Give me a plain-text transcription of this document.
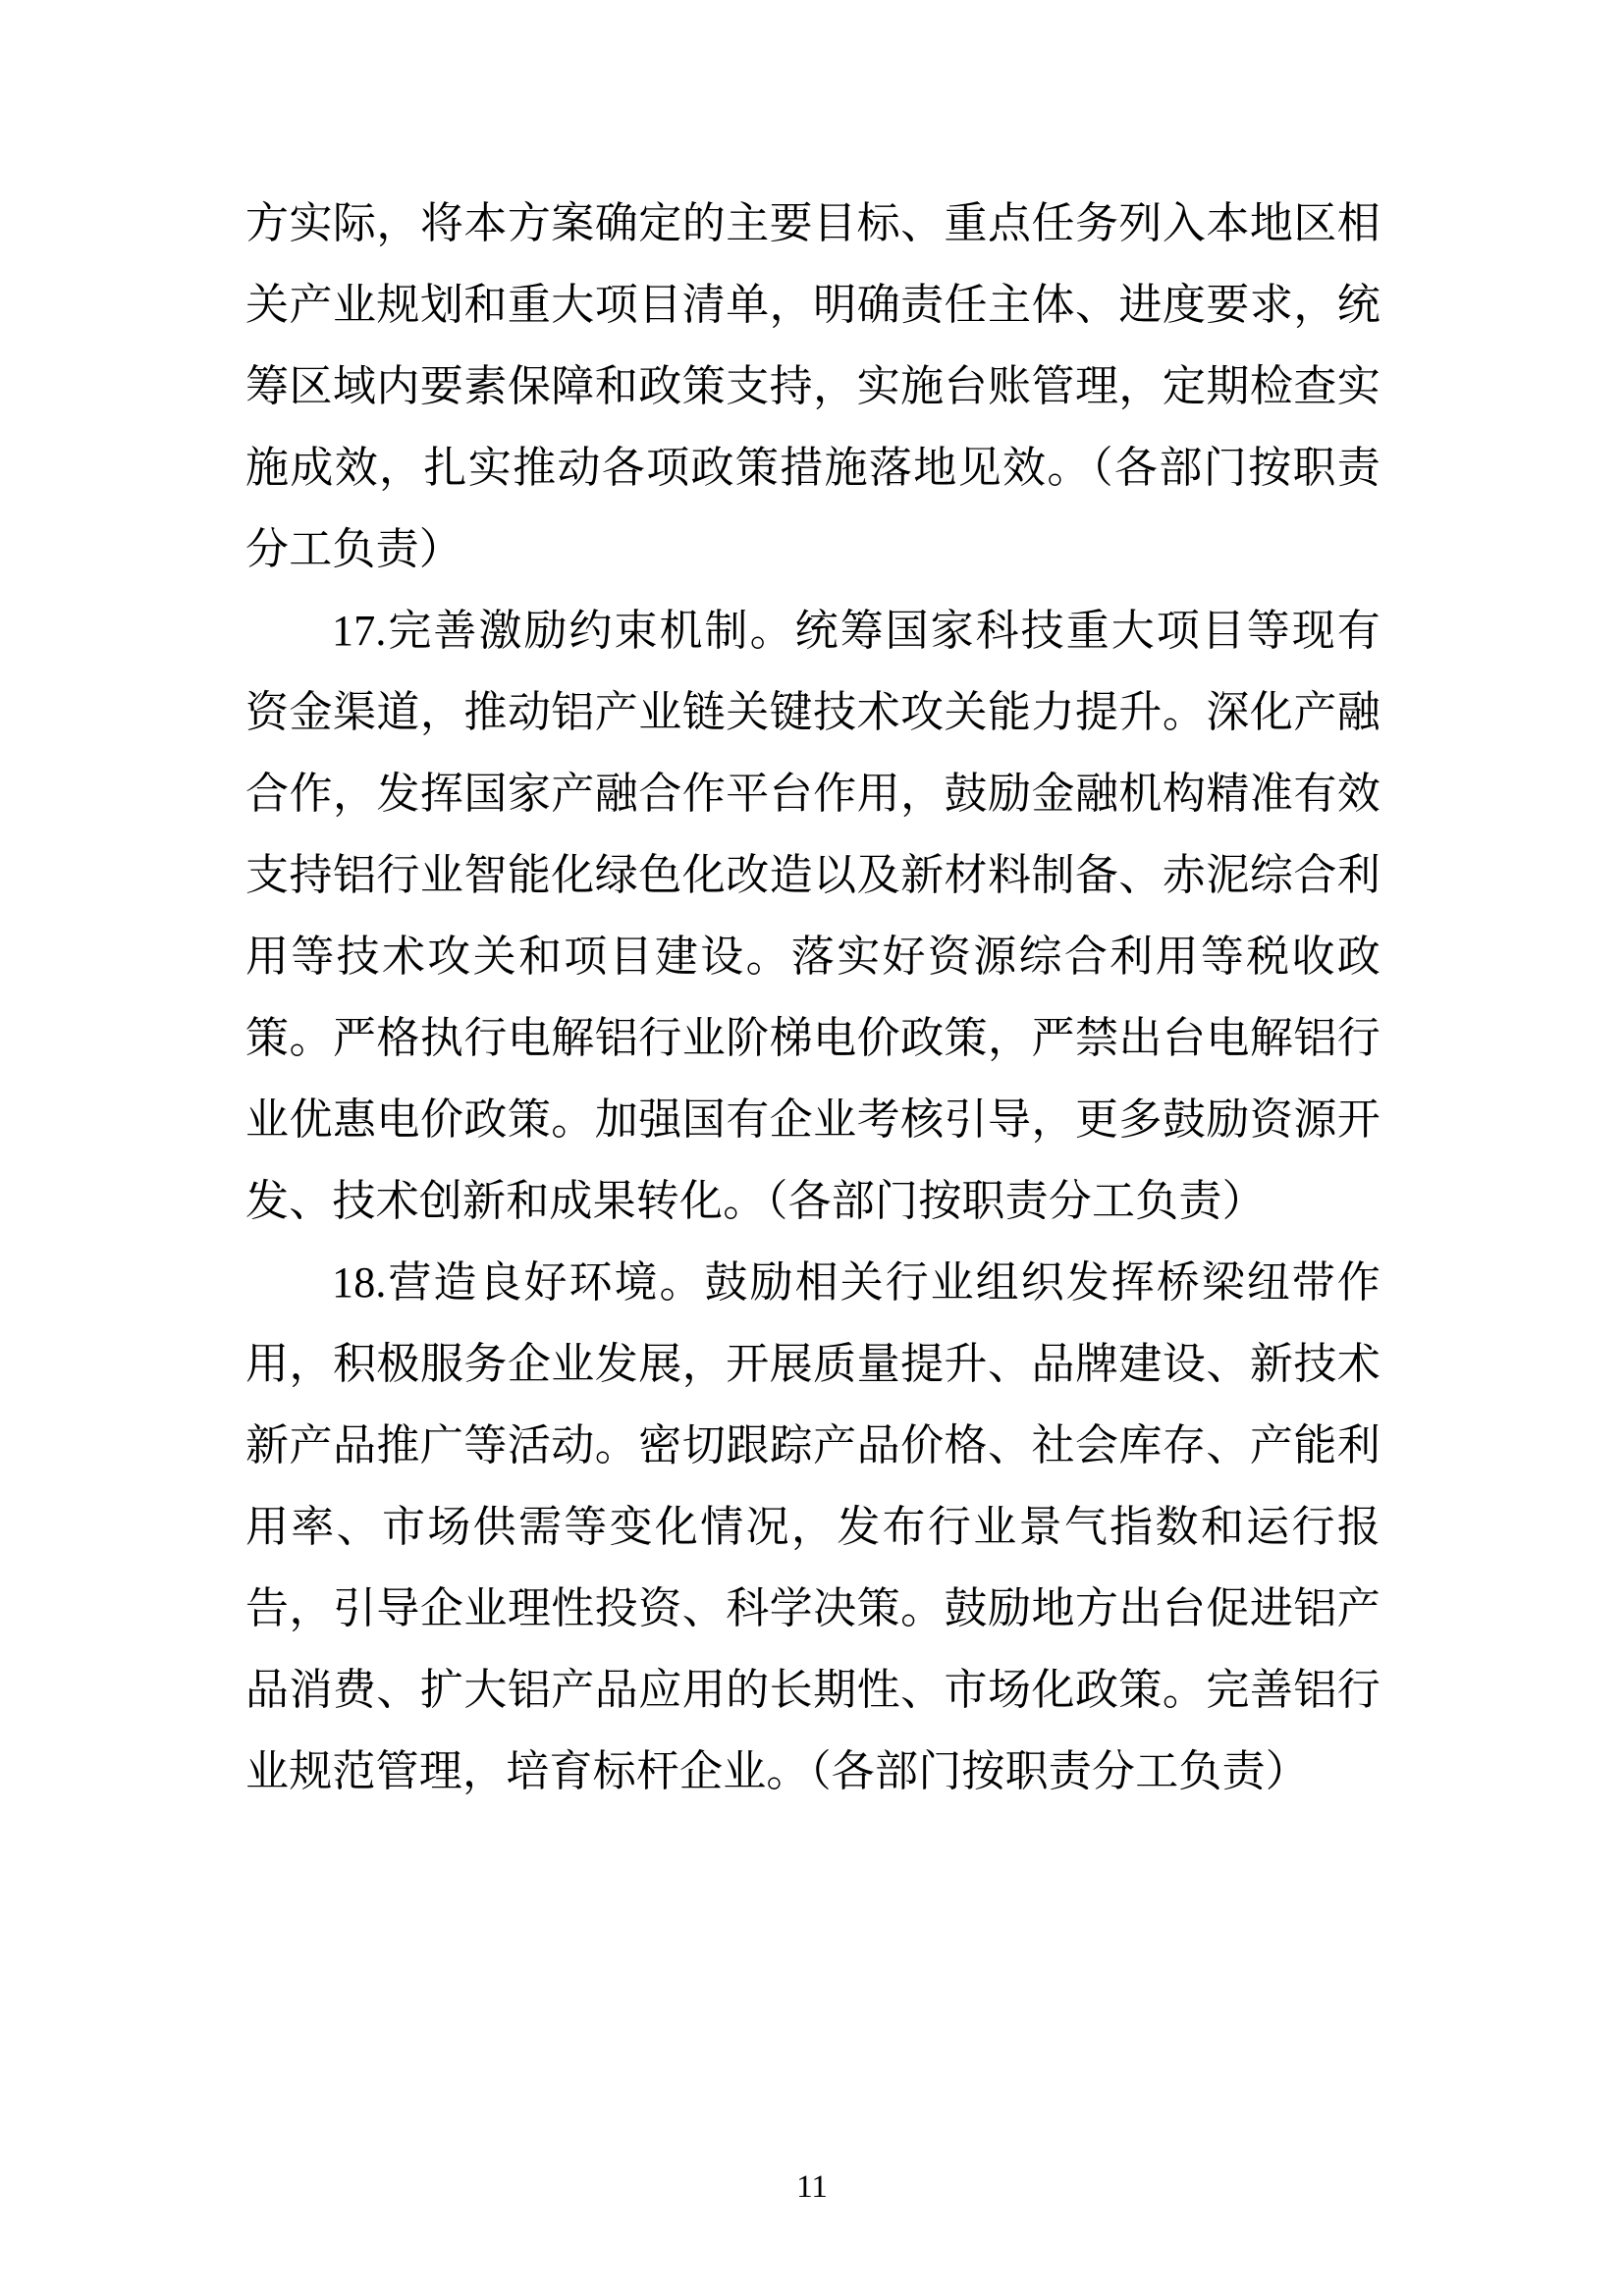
方实际，将本方案确定的主要目标、重点任务列入本地区相关产业规划和重大项目清单，明确责任主体、进度要求，统筹区域内要素保障和政策支持，实施台账管理，定期检查实施成效，扎实推动各项政策措施落地见效。（各部门按职责分工负责）

17.完善激励约束机制。统筹国家科技重大项目等现有资金渠道，推动铝产业链关键技术攻关能力提升。深化产融合作，发挥国家产融合作平台作用，鼓励金融机构精准有效支持铝行业智能化绿色化改造以及新材料制备、赤泥综合利用等技术攻关和项目建设。落实好资源综合利用等税收政策。严格执行电解铝行业阶梯电价政策，严禁出台电解铝行业优惠电价政策。加强国有企业考核引导，更多鼓励资源开发、技术创新和成果转化。（各部门按职责分工负责）

18.营造良好环境。鼓励相关行业组织发挥桥梁纽带作用，积极服务企业发展，开展质量提升、品牌建设、新技术新产品推广等活动。密切跟踪产品价格、社会库存、产能利用率、市场供需等变化情况，发布行业景气指数和运行报告，引导企业理性投资、科学决策。鼓励地方出台促进铝产品消费、扩大铝产品应用的长期性、市场化政策。完善铝行业规范管理，培育标杆企业。（各部门按职责分工负责）

11
